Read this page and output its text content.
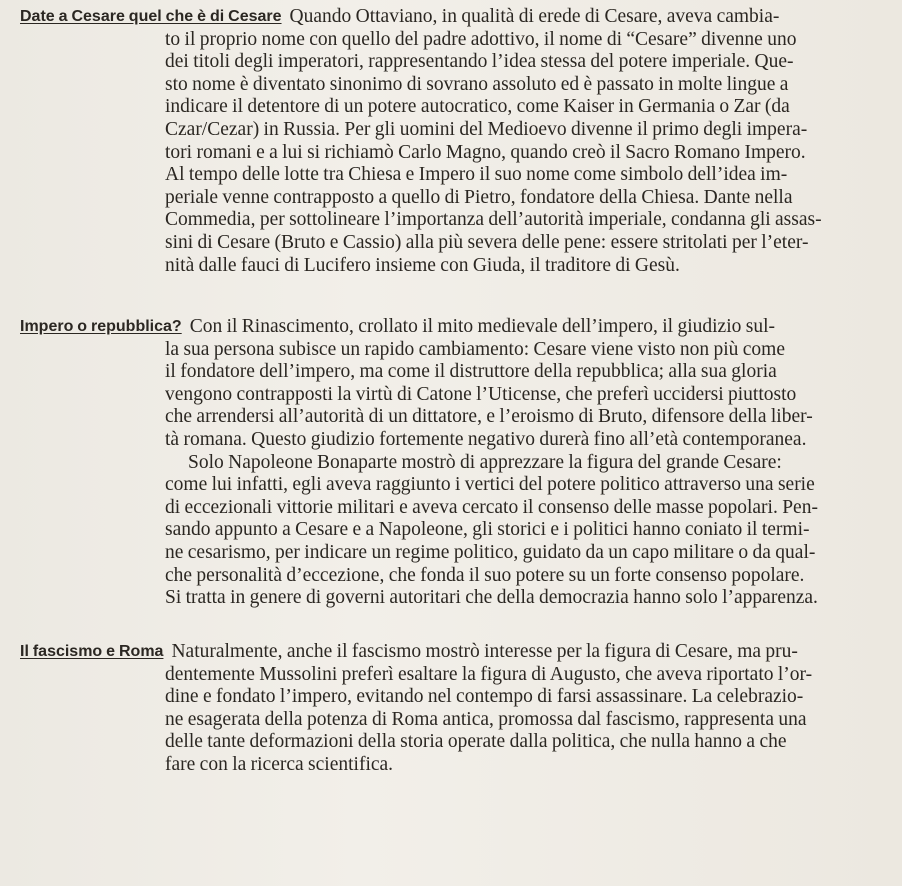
Date a Cesare quel che è di Cesare Quando Ottaviano, in qualità di erede di Cesare, aveva cambia-
to il proprio nome con quello del padre adottivo, il nome di “Cesare” divenne uno
dei titoli degli imperatori, rappresentando l’idea stessa del potere imperiale. Que-
sto nome è diventato sinonimo di sovrano assoluto ed è passato in molte lingue a
indicare il detentore di un potere autocratico, come Kaiser in Germania o Zar (da
Czar/Cezar) in Russia. Per gli uomini del Medioevo divenne il primo degli impera-
tori romani e a lui si richiamò Carlo Magno, quando creò il Sacro Romano Impero.
Al tempo delle lotte tra Chiesa e Impero il suo nome come simbolo dell’idea im-
periale venne contrapposto a quello di Pietro, fondatore della Chiesa. Dante nella
Commedia, per sottolineare l’importanza dell’autorità imperiale, condanna gli assas-
sini di Cesare (Bruto e Cassio) alla più severa delle pene: essere stritolati per l’eter-
nità dalle fauci di Lucifero insieme con Giuda, il traditore di Gesù.
Impero o repubblica? Con il Rinascimento, crollato il mito medievale dell’impero, il giudizio sul-
la sua persona subisce un rapido cambiamento: Cesare viene visto non più come
il fondatore dell’impero, ma come il distruttore della repubblica; alla sua gloria
vengono contrapposti la virtù di Catone l’Uticense, che preferì uccidersi piuttosto
che arrendersi all’autorità di un dittatore, e l’eroismo di Bruto, difensore della liber-
tà romana. Questo giudizio fortemente negativo durerà fino all’età contemporanea.
Solo Napoleone Bonaparte mostrò di apprezzare la figura del grande Cesare:
come lui infatti, egli aveva raggiunto i vertici del potere politico attraverso una serie
di eccezionali vittorie militari e aveva cercato il consenso delle masse popolari. Pen-
sando appunto a Cesare e a Napoleone, gli storici e i politici hanno coniato il termi-
ne cesarismo, per indicare un regime politico, guidato da un capo militare o da qual-
che personalità d’eccezione, che fonda il suo potere su un forte consenso popolare.
Si tratta in genere di governi autoritari che della democrazia hanno solo l’apparenza.
Il fascismo e Roma Naturalmente, anche il fascismo mostrò interesse per la figura di Cesare, ma pru-
dentemente Mussolini preferì esaltare la figura di Augusto, che aveva riportato l’or-
dine e fondato l’impero, evitando nel contempo di farsi assassinare. La celebrazio-
ne esagerata della potenza di Roma antica, promossa dal fascismo, rappresenta una
delle tante deformazioni della storia operate dalla politica, che nulla hanno a che
fare con la ricerca scientifica.
